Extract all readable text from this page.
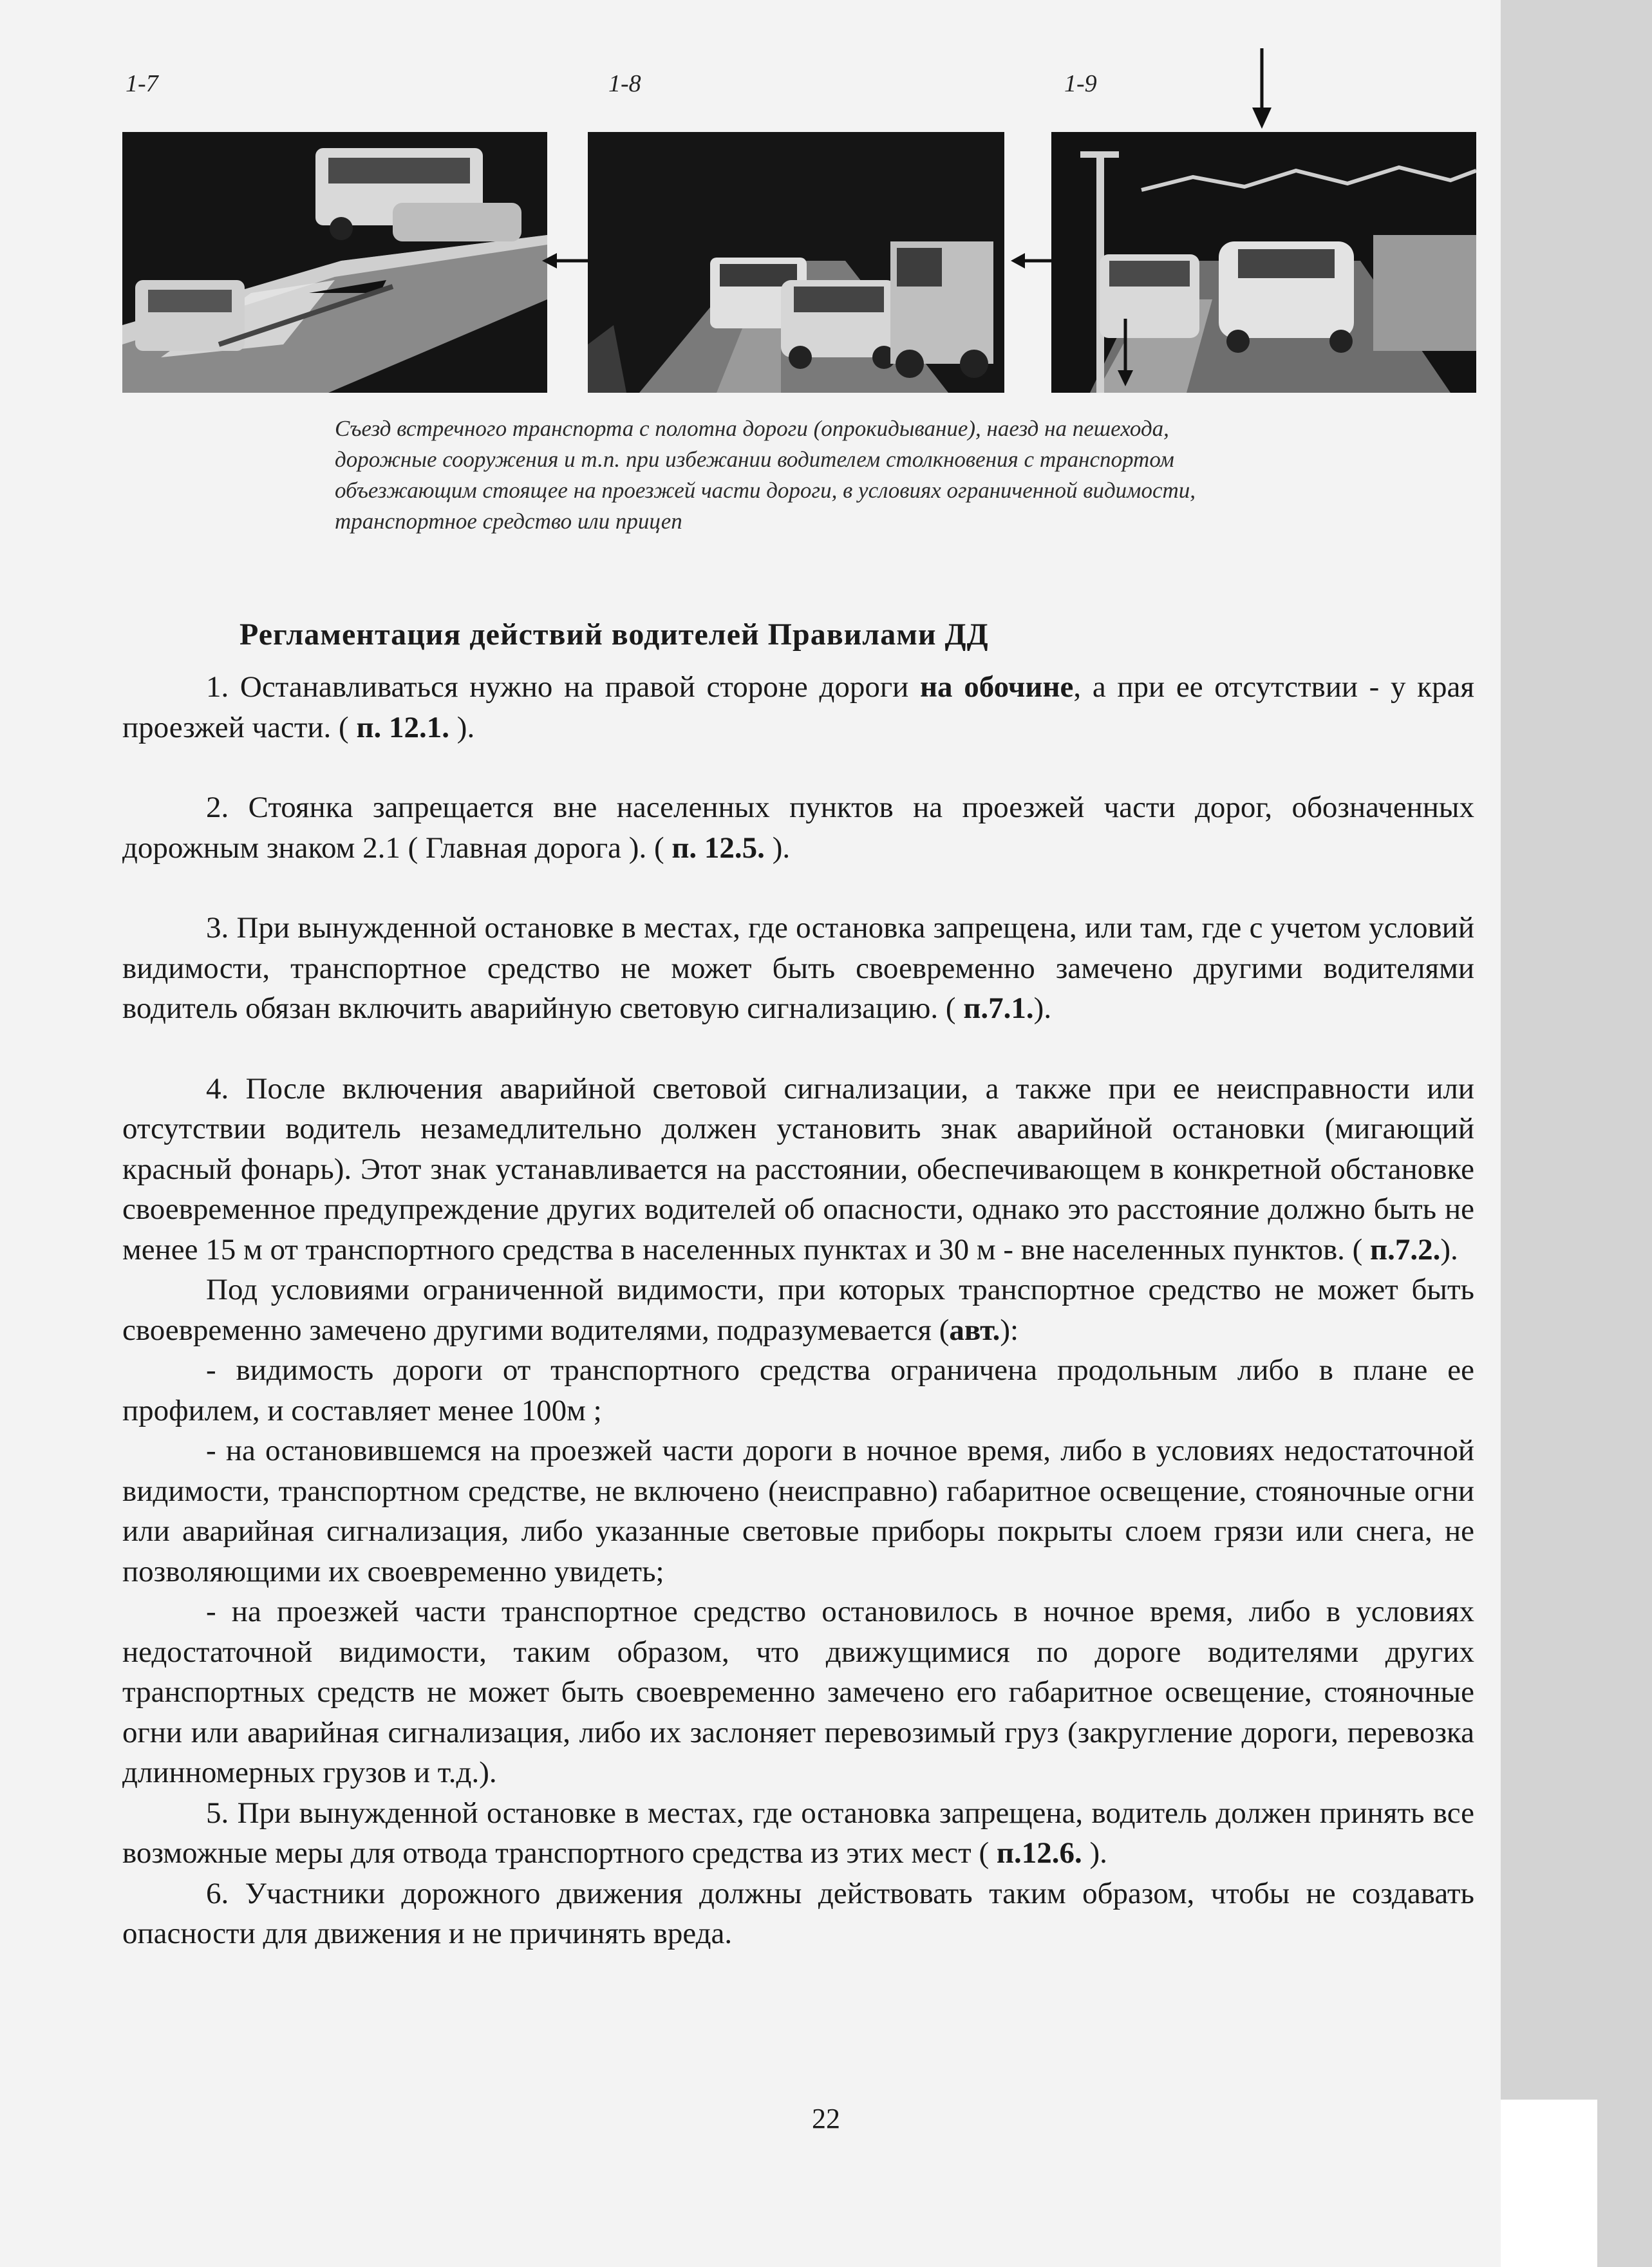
1-7	1-8	1-9
Съезд встречного транспорта с полотна дороги (опрокидывание), наезд на пешехода, дорожные сооружения и т.п. при избежании водителем столкновения с транспортом объезжающим стоящее на проезжей части дороги, в условиях ограниченной видимости, транспортное средство или прицеп
Регламентация действий водителей Правилами ДД

1. Останавливаться нужно на правой стороне дороги на обочине, а при ее отсутствии - у края проезжей части. ( п. 12.1. ).

2. Стоянка запрещается вне населенных пунктов на проезжей части дорог, обозначенных дорожным знаком 2.1 ( Главная дорога ). ( п. 12.5. ).

3. При вынужденной остановке в местах, где остановка запрещена, или там, где с учетом условий видимости, транспортное средство не может быть своевременно замечено другими водителями водитель обязан включить аварийную световую сигнализацию. ( п.7.1.).

4. После включения аварийной световой сигнализации, а также при ее неисправности или отсутствии водитель незамедлительно должен установить знак аварийной остановки (мигающий красный фонарь). Этот знак устанавливается на расстоянии, обеспечивающем в конкретной обстановке своевременное предупреждение других водителей об опасности, однако это расстояние должно быть не менее 15 м от транспортного средства в населенных пунктах и 30 м - вне населенных пунктов. ( п.7.2.).

Под условиями ограниченной видимости, при которых транспортное средство не может быть своевременно замечено другими водителями, подразумевается (авт.):

- видимость дороги от транспортного средства ограничена продольным либо в плане ее профилем, и составляет менее 100м ;

- на остановившемся на проезжей части дороги в ночное время, либо в условиях недостаточной видимости, транспортном средстве, не включено (неисправно) габаритное освещение, стояночные огни или аварийная сигнализация, либо указанные световые приборы покрыты слоем грязи или снега, не позволяющими их своевременно увидеть;

- на проезжей части транспортное средство остановилось в ночное время, либо в условиях недостаточной видимости, таким образом, что движущимися по дороге водителями других транспортных средств не может быть своевременно замечено его габаритное освещение, стояночные огни или аварийная сигнализация, либо их заслоняет перевозимый груз (закругление дороги, перевозка длинномерных грузов и т.д.).

5. При вынужденной остановке в местах, где остановка запрещена, водитель должен принять все возможные меры для отвода транспортного средства из этих мест ( п.12.6. ).

6. Участники дорожного движения должны действовать таким образом, чтобы не создавать опасности для движения и не причинять вреда.

22
